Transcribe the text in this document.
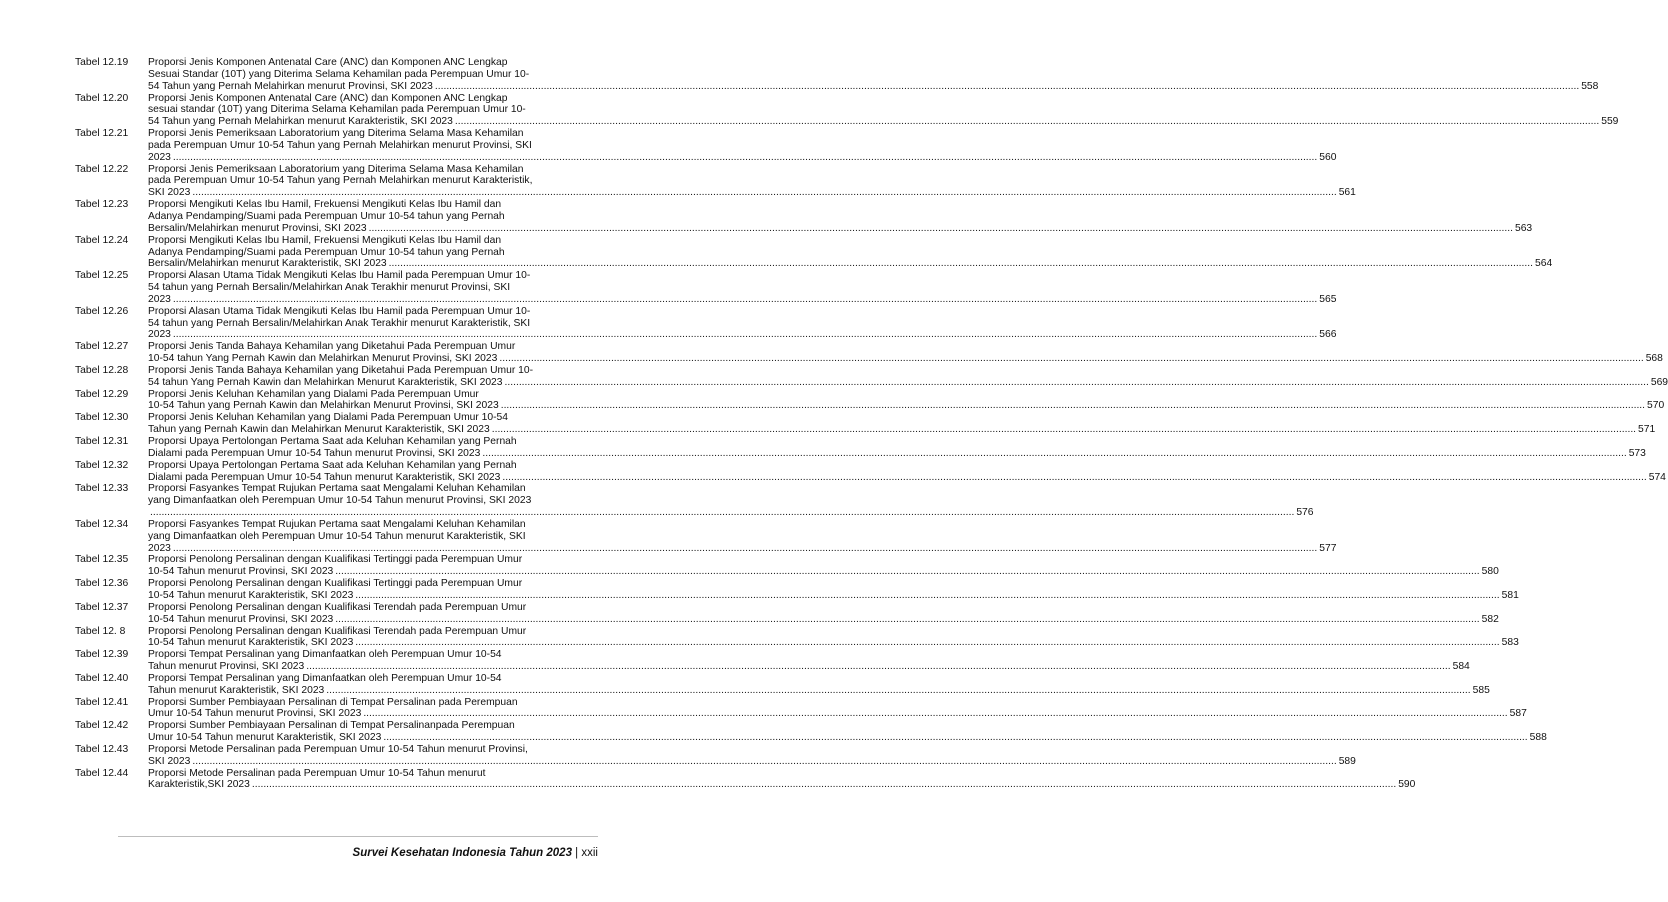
Tabel 12.19	Proporsi Jenis Komponen Antenatal Care (ANC) dan Komponen ANC Lengkap
Sesuai Standar (10T) yang Diterima Selama Kehamilan pada Perempuan Umur 10-
54 Tahun yang Pernah Melahirkan menurut Provinsi, SKI 2023 ................................................................................................................................................................................................................................................................................................................................................................................................................ 558
Tabel 12.20	Proporsi Jenis Komponen Antenatal Care (ANC) dan Komponen ANC Lengkap
sesuai standar (10T) yang Diterima Selama Kehamilan pada Perempuan Umur 10-
54 Tahun yang Pernah Melahirkan menurut Karakteristik, SKI 2023 ................................................................................................................................................................................................................................................................................................................................................................................................................ 559
Tabel 12.21	Proporsi Jenis Pemeriksaan Laboratorium yang Diterima Selama Masa Kehamilan
pada Perempuan Umur 10-54 Tahun yang Pernah Melahirkan menurut Provinsi, SKI
2023 ................................................................................................................................................................................................................................................................................................................................................................................................................ 560
Tabel 12.22	Proporsi Jenis Pemeriksaan Laboratorium yang Diterima Selama Masa Kehamilan
pada Perempuan Umur 10-54 Tahun yang Pernah Melahirkan menurut Karakteristik,
SKI 2023 ................................................................................................................................................................................................................................................................................................................................................................................................................ 561
Tabel 12.23	Proporsi Mengikuti Kelas Ibu Hamil, Frekuensi Mengikuti Kelas Ibu Hamil dan
Adanya Pendamping/Suami pada Perempuan Umur 10-54 tahun yang Pernah
Bersalin/Melahirkan menurut Provinsi, SKI 2023 ................................................................................................................................................................................................................................................................................................................................................................................................................ 563
Tabel 12.24	Proporsi Mengikuti Kelas Ibu Hamil, Frekuensi Mengikuti Kelas Ibu Hamil dan
Adanya Pendamping/Suami pada Perempuan Umur 10-54 tahun yang Pernah
Bersalin/Melahirkan menurut Karakteristik, SKI 2023 ................................................................................................................................................................................................................................................................................................................................................................................................................ 564
Tabel 12.25	Proporsi Alasan Utama Tidak Mengikuti Kelas Ibu Hamil pada Perempuan Umur 10-
54 tahun yang Pernah Bersalin/Melahirkan Anak Terakhir menurut Provinsi, SKI
2023 ................................................................................................................................................................................................................................................................................................................................................................................................................ 565
Tabel 12.26	Proporsi Alasan Utama Tidak Mengikuti Kelas Ibu Hamil pada Perempuan Umur 10-
54 tahun yang Pernah Bersalin/Melahirkan Anak Terakhir menurut Karakteristik, SKI
2023 ................................................................................................................................................................................................................................................................................................................................................................................................................ 566
Tabel 12.27	Proporsi Jenis Tanda Bahaya Kehamilan yang Diketahui Pada Perempuan Umur
10-54 tahun Yang Pernah Kawin dan Melahirkan Menurut Provinsi, SKI 2023 ................................................................................................................................................................................................................................................................................................................................................................................................................ 568
Tabel 12.28	Proporsi Jenis Tanda Bahaya Kehamilan yang Diketahui Pada Perempuan Umur 10-
54 tahun Yang Pernah Kawin dan Melahirkan Menurut Karakteristik, SKI 2023 ................................................................................................................................................................................................................................................................................................................................................................................................................ 569
Tabel 12.29	Proporsi Jenis Keluhan Kehamilan yang Dialami Pada Perempuan Umur
10-54 Tahun yang Pernah Kawin dan Melahirkan Menurut Provinsi, SKI 2023 ................................................................................................................................................................................................................................................................................................................................................................................................................ 570
Tabel 12.30	Proporsi Jenis Keluhan Kehamilan yang Dialami Pada Perempuan Umur 10-54
Tahun yang Pernah Kawin dan Melahirkan Menurut Karakteristik, SKI 2023 ................................................................................................................................................................................................................................................................................................................................................................................................................ 571
Tabel 12.31	Proporsi Upaya Pertolongan Pertama Saat ada Keluhan Kehamilan yang Pernah
Dialami pada Perempuan Umur 10-54 Tahun menurut Provinsi, SKI 2023 ................................................................................................................................................................................................................................................................................................................................................................................................................ 573
Tabel 12.32	Proporsi Upaya Pertolongan Pertama Saat ada Keluhan Kehamilan yang Pernah
Dialami pada Perempuan Umur 10-54 Tahun menurut Karakteristik, SKI 2023 ................................................................................................................................................................................................................................................................................................................................................................................................................ 574
Tabel 12.33	Proporsi Fasyankes Tempat Rujukan Pertama saat Mengalami Keluhan Kehamilan
yang Dimanfaatkan oleh Perempuan Umur 10-54 Tahun menurut Provinsi, SKI 2023
................................................................................................................................................................................................................................................................................................................................................................................................................ 576
Tabel 12.34	Proporsi Fasyankes Tempat Rujukan Pertama saat Mengalami Keluhan Kehamilan
yang Dimanfaatkan oleh Perempuan Umur 10-54 Tahun menurut Karakteristik, SKI
2023 ................................................................................................................................................................................................................................................................................................................................................................................................................ 577
Tabel 12.35	Proporsi Penolong Persalinan dengan Kualifikasi Tertinggi pada Perempuan Umur
10-54 Tahun menurut Provinsi, SKI 2023 ................................................................................................................................................................................................................................................................................................................................................................................................................ 580
Tabel 12.36	Proporsi Penolong Persalinan dengan Kualifikasi Tertinggi pada Perempuan Umur
10-54 Tahun menurut Karakteristik, SKI 2023 ................................................................................................................................................................................................................................................................................................................................................................................................................ 581
Tabel 12.37	Proporsi Penolong Persalinan dengan Kualifikasi Terendah pada Perempuan Umur
10-54 Tahun menurut Provinsi, SKI 2023 ................................................................................................................................................................................................................................................................................................................................................................................................................ 582
Tabel 12. 8	Proporsi Penolong Persalinan dengan Kualifikasi Terendah pada Perempuan Umur
10-54 Tahun menurut Karakteristik, SKI 2023 ................................................................................................................................................................................................................................................................................................................................................................................................................ 583
Tabel 12.39	Proporsi Tempat Persalinan yang Dimanfaatkan oleh Perempuan Umur 10-54
Tahun menurut Provinsi, SKI 2023 ................................................................................................................................................................................................................................................................................................................................................................................................................ 584
Tabel 12.40	Proporsi Tempat Persalinan yang Dimanfaatkan oleh Perempuan Umur 10-54
Tahun menurut Karakteristik, SKI 2023 ................................................................................................................................................................................................................................................................................................................................................................................................................ 585
Tabel 12.41	Proporsi Sumber Pembiayaan Persalinan di Tempat Persalinan pada Perempuan
Umur 10-54 Tahun menurut Provinsi, SKI 2023 ................................................................................................................................................................................................................................................................................................................................................................................................................ 587
Tabel 12.42	Proporsi Sumber Pembiayaan Persalinan di Tempat Persalinanpada Perempuan
Umur 10-54 Tahun menurut Karakteristik, SKI 2023 ................................................................................................................................................................................................................................................................................................................................................................................................................ 588
Tabel 12.43	Proporsi Metode Persalinan pada Perempuan Umur 10-54 Tahun menurut Provinsi,
SKI 2023 ................................................................................................................................................................................................................................................................................................................................................................................................................ 589
Tabel 12.44	Proporsi Metode Persalinan pada Perempuan Umur 10-54 Tahun menurut
Karakteristik,SKI 2023 ................................................................................................................................................................................................................................................................................................................................................................................................................ 590
Survei Kesehatan Indonesia Tahun 2023 | xxii
